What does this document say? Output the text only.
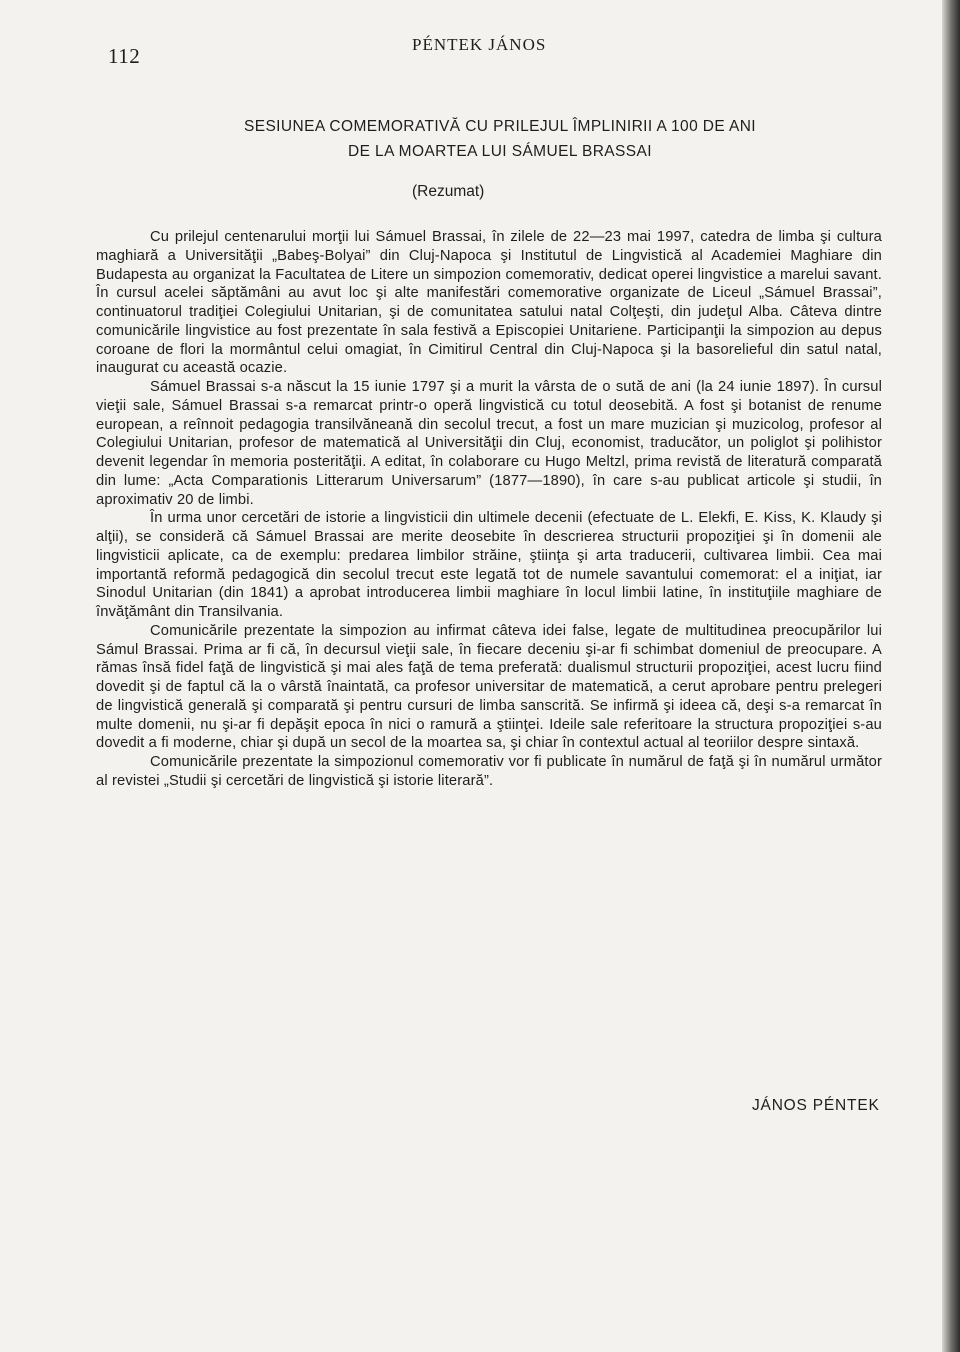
112	PÉNTEK JÁNOS
SESIUNEA COMEMORATIVĂ CU PRILEJUL ÎMPLINIRII A 100 DE ANI
DE LA MOARTEA LUI SÁMUEL BRASSAI
(Rezumat)

Cu prilejul centenarului morţii lui Sámuel Brassai, în zilele de 22—23 mai 1997, catedra de limba şi cultura maghiară a Universităţii „Babeş-Bolyai” din Cluj-Napoca şi Institutul de Lingvistică al Academiei Maghiare din Budapesta au organizat la Facultatea de Litere un simpozion comemorativ, dedicat operei lingvistice a marelui savant. În cursul acelei săptămâni au avut loc şi alte manifestări comemorative organizate de Liceul „Sámuel Brassai”, continuatorul tradiţiei Colegiului Unitarian, şi de comunitatea satului natal Colţeşti, din judeţul Alba. Câteva dintre comunicările lingvistice au fost prezentate în sala festivă a Episcopiei Unitariene. Participanţii la simpozion au depus coroane de flori la mormântul celui omagiat, în Cimitirul Central din Cluj-Napoca şi la basorelieful din satul natal, inaugurat cu această ocazie.

Sámuel Brassai s-a născut la 15 iunie 1797 şi a murit la vârsta de o sută de ani (la 24 iunie 1897). În cursul vieţii sale, Sámuel Brassai s-a remarcat printr-o operă lingvistică cu totul deosebită. A fost şi botanist de renume european, a reînnoit pedagogia transilvăneană din secolul trecut, a fost un mare muzician şi muzicolog, profesor al Colegiului Unitarian, profesor de matematică al Universităţii din Cluj, economist, traducător, un poliglot şi polihistor devenit legendar în memoria posterităţii. A editat, în colaborare cu Hugo Meltzl, prima revistă de literatură comparată din lume: „Acta Comparationis Litterarum Universarum” (1877—1890), în care s-au publicat articole şi studii, în aproximativ 20 de limbi.

În urma unor cercetări de istorie a lingvisticii din ultimele decenii (efectuate de L. Elekfi, E. Kiss, K. Klaudy şi alţii), se consideră că Sámuel Brassai are merite deosebite în descrierea structurii propoziţiei şi în domenii ale lingvisticii aplicate, ca de exemplu: predarea limbilor străine, ştiinţa şi arta traducerii, cultivarea limbii. Cea mai importantă reformă pedagogică din secolul trecut este legată tot de numele savantului comemorat: el a iniţiat, iar Sinodul Unitarian (din 1841) a aprobat introducerea limbii maghiare în locul limbii latine, în instituţiile maghiare de învăţământ din Transilvania.

Comunicările prezentate la simpozion au infirmat câteva idei false, legate de multitudinea preocupărilor lui Sámul Brassai. Prima ar fi că, în decursul vieţii sale, în fiecare deceniu şi-ar fi schimbat domeniul de preocupare. A rămas însă fidel faţă de lingvistică şi mai ales faţă de tema preferată: dualismul structurii propoziţiei, acest lucru fiind dovedit şi de faptul că la o vârstă înaintată, ca profesor universitar de matematică, a cerut aprobare pentru prelegeri de lingvistică generală şi comparată şi pentru cursuri de limba sanscrită. Se infirmă şi ideea că, deşi s-a remarcat în multe domenii, nu şi-ar fi depăşit epoca în nici o ramură a ştiinţei. Ideile sale referitoare la structura propoziţiei s-au dovedit a fi moderne, chiar şi după un secol de la moartea sa, şi chiar în contextul actual al teoriilor despre sintaxă.

Comunicările prezentate la simpozionul comemorativ vor fi publicate în numărul de faţă şi în numărul următor al revistei „Studii şi cercetări de lingvistică şi istorie literară”.

JÁNOS PÉNTEK
